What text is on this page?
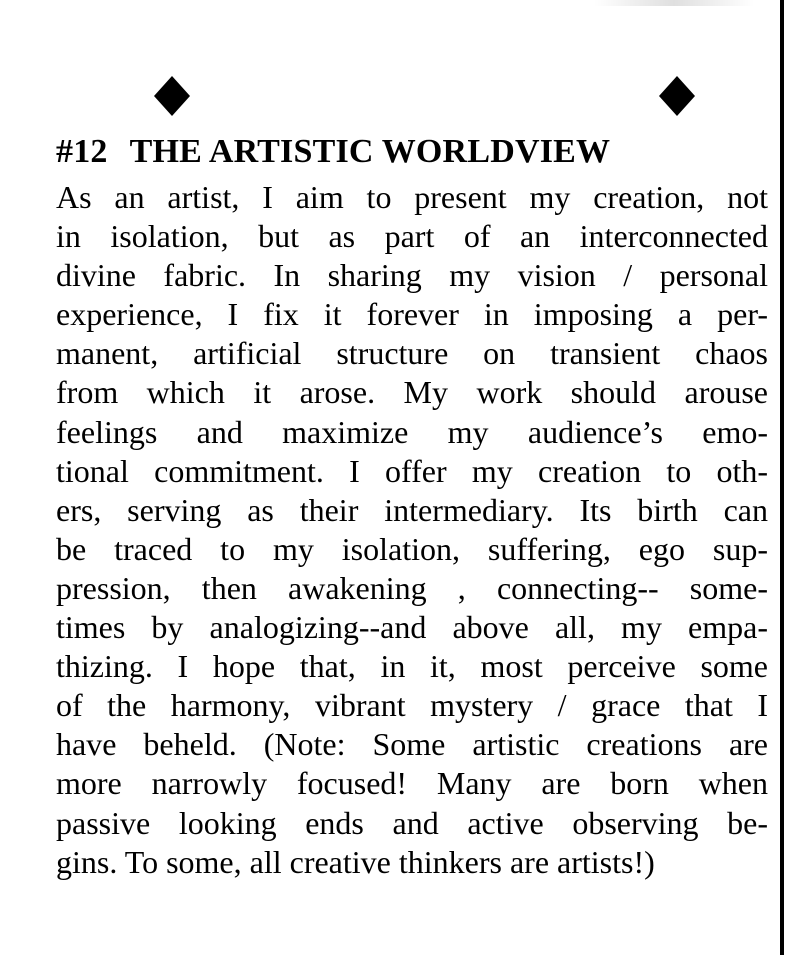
#12 THE ARTISTIC WORLDVIEW
As an artist, I aim to present my creation, not
in isolation, but as part of an interconnected
divine fabric. In sharing my vision / personal
experience, I fix it forever in imposing a per-
manent, artificial structure on transient chaos
from which it arose. My work should arouse
feelings and maximize my audience’s emo-
tional commitment. I offer my creation to oth-
ers, serving as their intermediary. Its birth can
be traced to my isolation, suffering, ego sup-
pression, then awakening , connecting-- some-
times by analogizing--and above all, my empa-
thizing. I hope that, in it, most perceive some
of the harmony, vibrant mystery / grace that I
have beheld. (Note: Some artistic creations are
more narrowly focused! Many are born when
passive looking ends and active observing be-
gins. To some, all creative thinkers are artists!)
